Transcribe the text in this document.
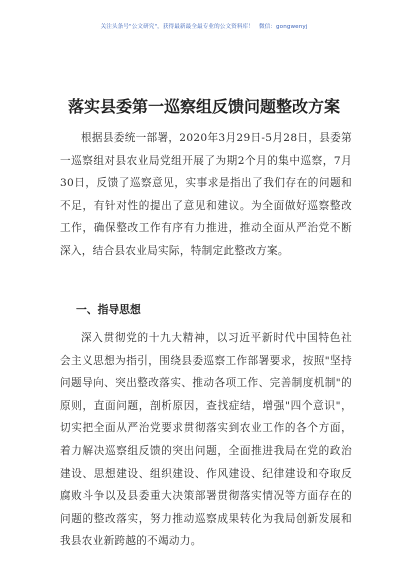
关注头条号"公文研究"，获得最新最全最专业的公文资料库！ 微信：gongwenyj
落实县委第一巡察组反馈问题整改方案

根据县委统一部署，2020年3月29日-5月28日，县委第一巡察组对县农业局党组开展了为期2个月的集中巡察，7月30日，反馈了巡察意见，实事求是指出了我们存在的问题和不足，有针对性的提出了意见和建议。为全面做好巡察整改工作，确保整改工作有序有力推进，推动全面从严治党不断深入，结合县农业局实际，特制定此整改方案。

一、指导思想

深入贯彻党的十九大精神，以习近平新时代中国特色社会主义思想为指引，围绕县委巡察工作部署要求，按照"坚持问题导向、突出整改落实、推动各项工作、完善制度机制"的原则，直面问题，剖析原因，查找症结，增强"四个意识"，切实把全面从严治党要求贯彻落实到农业工作的各个方面，着力解决巡察组反馈的突出问题，全面推进我局在党的政治建设、思想建设、组织建设、作风建设、纪律建设和夺取反腐败斗争以及县委重大决策部署贯彻落实情况等方面存在的问题的整改落实，努力推动巡察成果转化为我局创新发展和我县农业新跨越的不竭动力。
